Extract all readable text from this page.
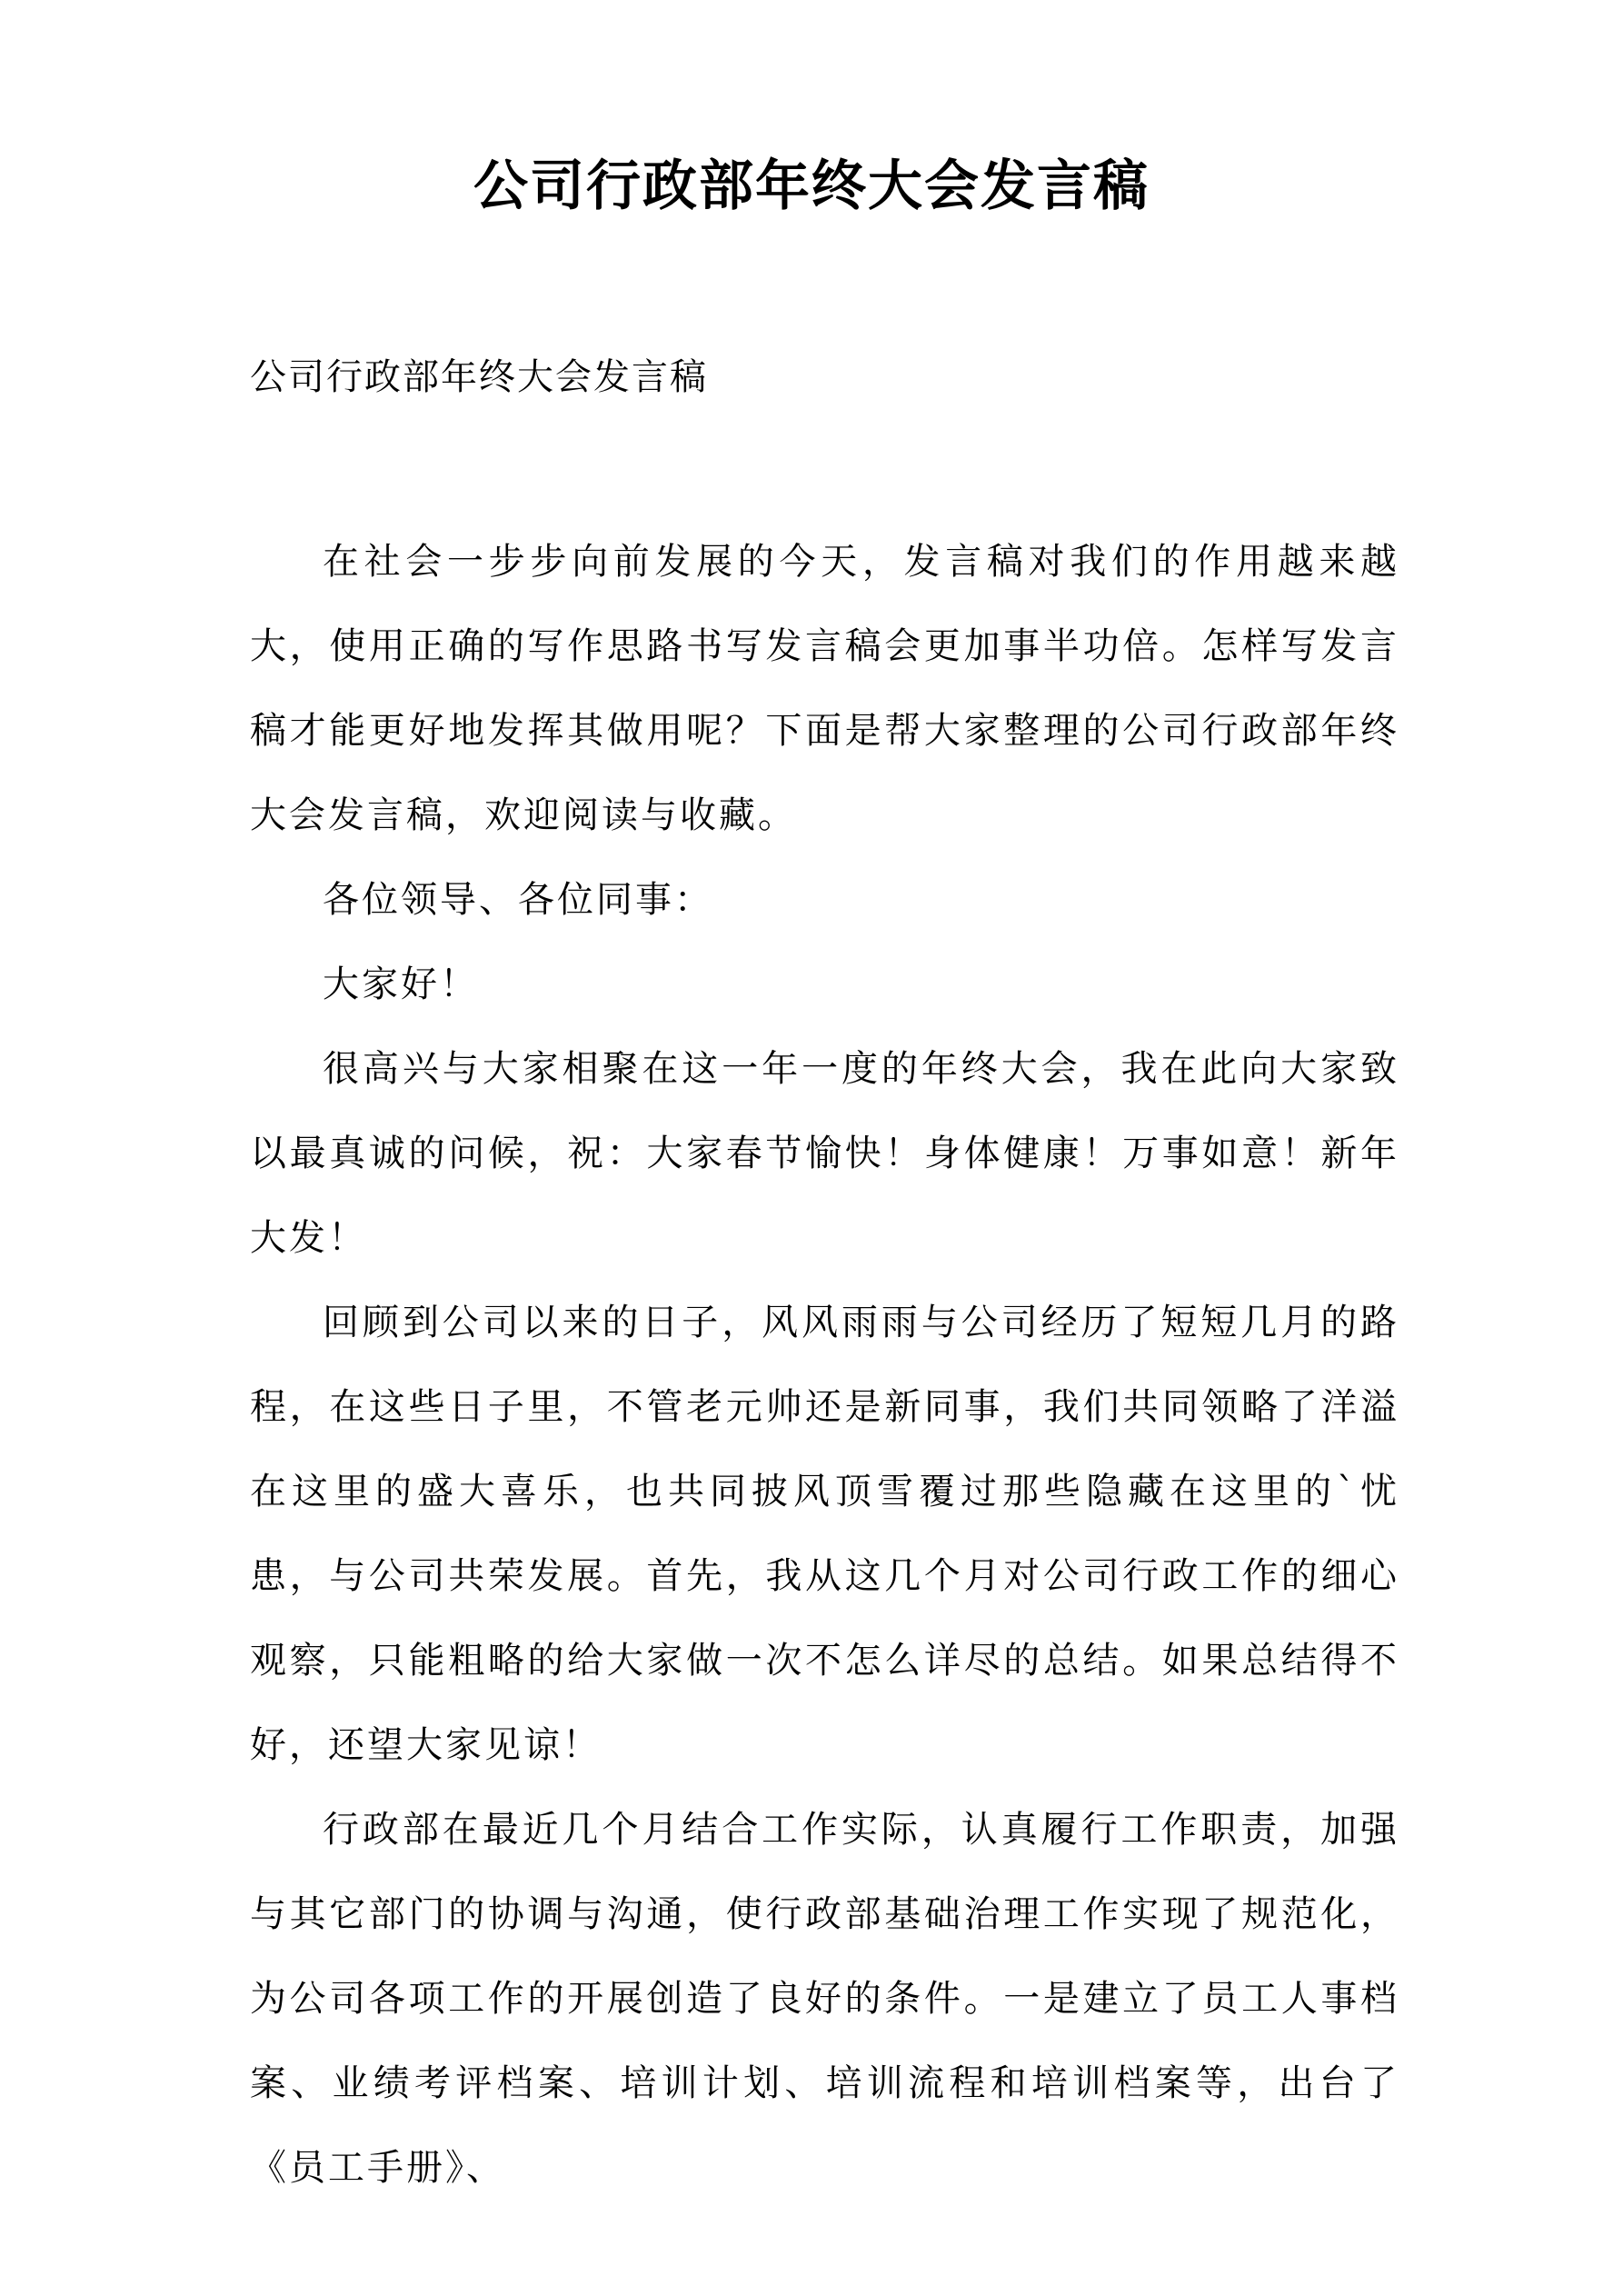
公司行政部年终大会发言稿
公司行政部年终大会发言稿

在社会一步步向前发展的今天，发言稿对我们的作用越来越大，使用正确的写作思路书写发言稿会更加事半功倍。怎样写发言稿才能更好地发挥其做用呢？下面是帮大家整理的公司行政部年终大会发言稿，欢迎阅读与收藏。

各位领导、各位同事：

大家好！

很高兴与大家相聚在这一年一度的年终大会，我在此向大家致以最真诚的问候，祝：大家春节愉快！身体健康！万事如意！新年大发！

回顾到公司以来的日子，风风雨雨与公司经历了短短几月的路程，在这些日子里，不管老元帅还是新同事，我们共同领略了洋溢在这里的盛大喜乐，也共同披风顶雪覆过那些隐藏在这里的`忧患，与公司共荣发展。首先，我从这几个月对公司行政工作的细心观察，只能粗略的给大家做一次不怎么详尽的总结。如果总结得不好，还望大家见谅！

行政部在最近几个月结合工作实际，认真履行工作职责，加强与其它部门的协调与沟通，使行政部基础治理工作实现了规范化，为公司各项工作的开展创造了良好的条件。一是建立了员工人事档案、业绩考评档案、培训计划、培训流程和培训档案等，出台了《员工手册》、
